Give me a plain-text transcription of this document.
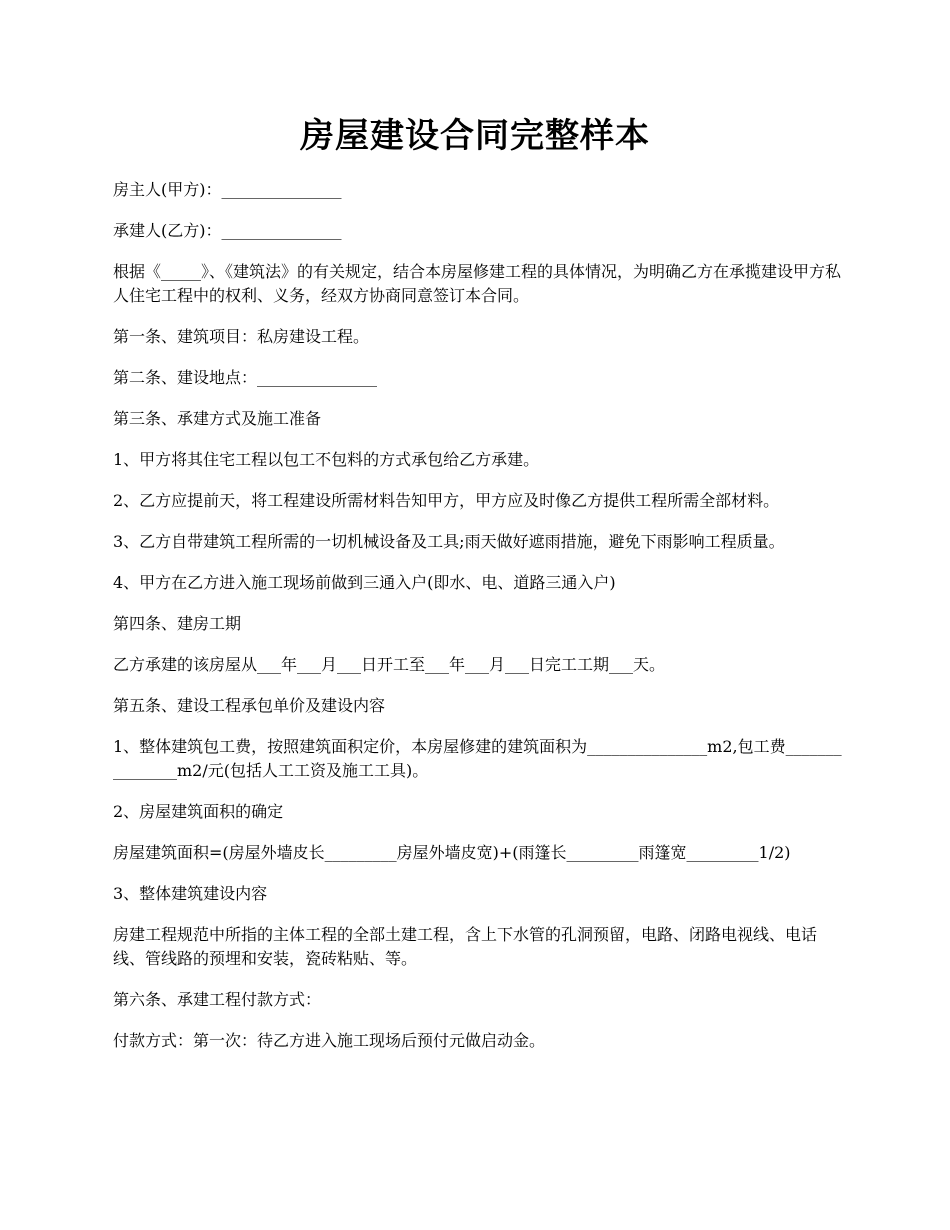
房屋建设合同完整样本

房主人(甲方)：_______________

承建人(乙方)：_______________

根据《_____》、《建筑法》的有关规定，结合本房屋修建工程的具体情况，为明确乙方在承揽建设甲方私人住宅工程中的权利、义务，经双方协商同意签订本合同。

第一条、建筑项目：私房建设工程。

第二条、建设地点：_______________

第三条、承建方式及施工准备

1、甲方将其住宅工程以包工不包料的方式承包给乙方承建。

2、乙方应提前天，将工程建设所需材料告知甲方，甲方应及时像乙方提供工程所需全部材料。

3、乙方自带建筑工程所需的一切机械设备及工具;雨天做好遮雨措施，避免下雨影响工程质量。

4、甲方在乙方进入施工现场前做到三通入户(即水、电、道路三通入户)

第四条、建房工期

乙方承建的该房屋从___年___月___日开工至___年___月___日完工工期___天。

第五条、建设工程承包单价及建设内容

1、整体建筑包工费，按照建筑面积定价，本房屋修建的建筑面积为_______________m2,包工费_______________m2/元(包括人工工资及施工工具)。

2、房屋建筑面积的确定

房屋建筑面积=(房屋外墙皮长_________房屋外墙皮宽)+(雨篷长_________雨篷宽_________1/2)

3、整体建筑建设内容

房建工程规范中所指的主体工程的全部土建工程，含上下水管的孔洞预留，电路、闭路电视线、电话线、管线路的预埋和安装，瓷砖粘贴、等。

第六条、承建工程付款方式：

付款方式：第一次：待乙方进入施工现场后预付元做启动金。
